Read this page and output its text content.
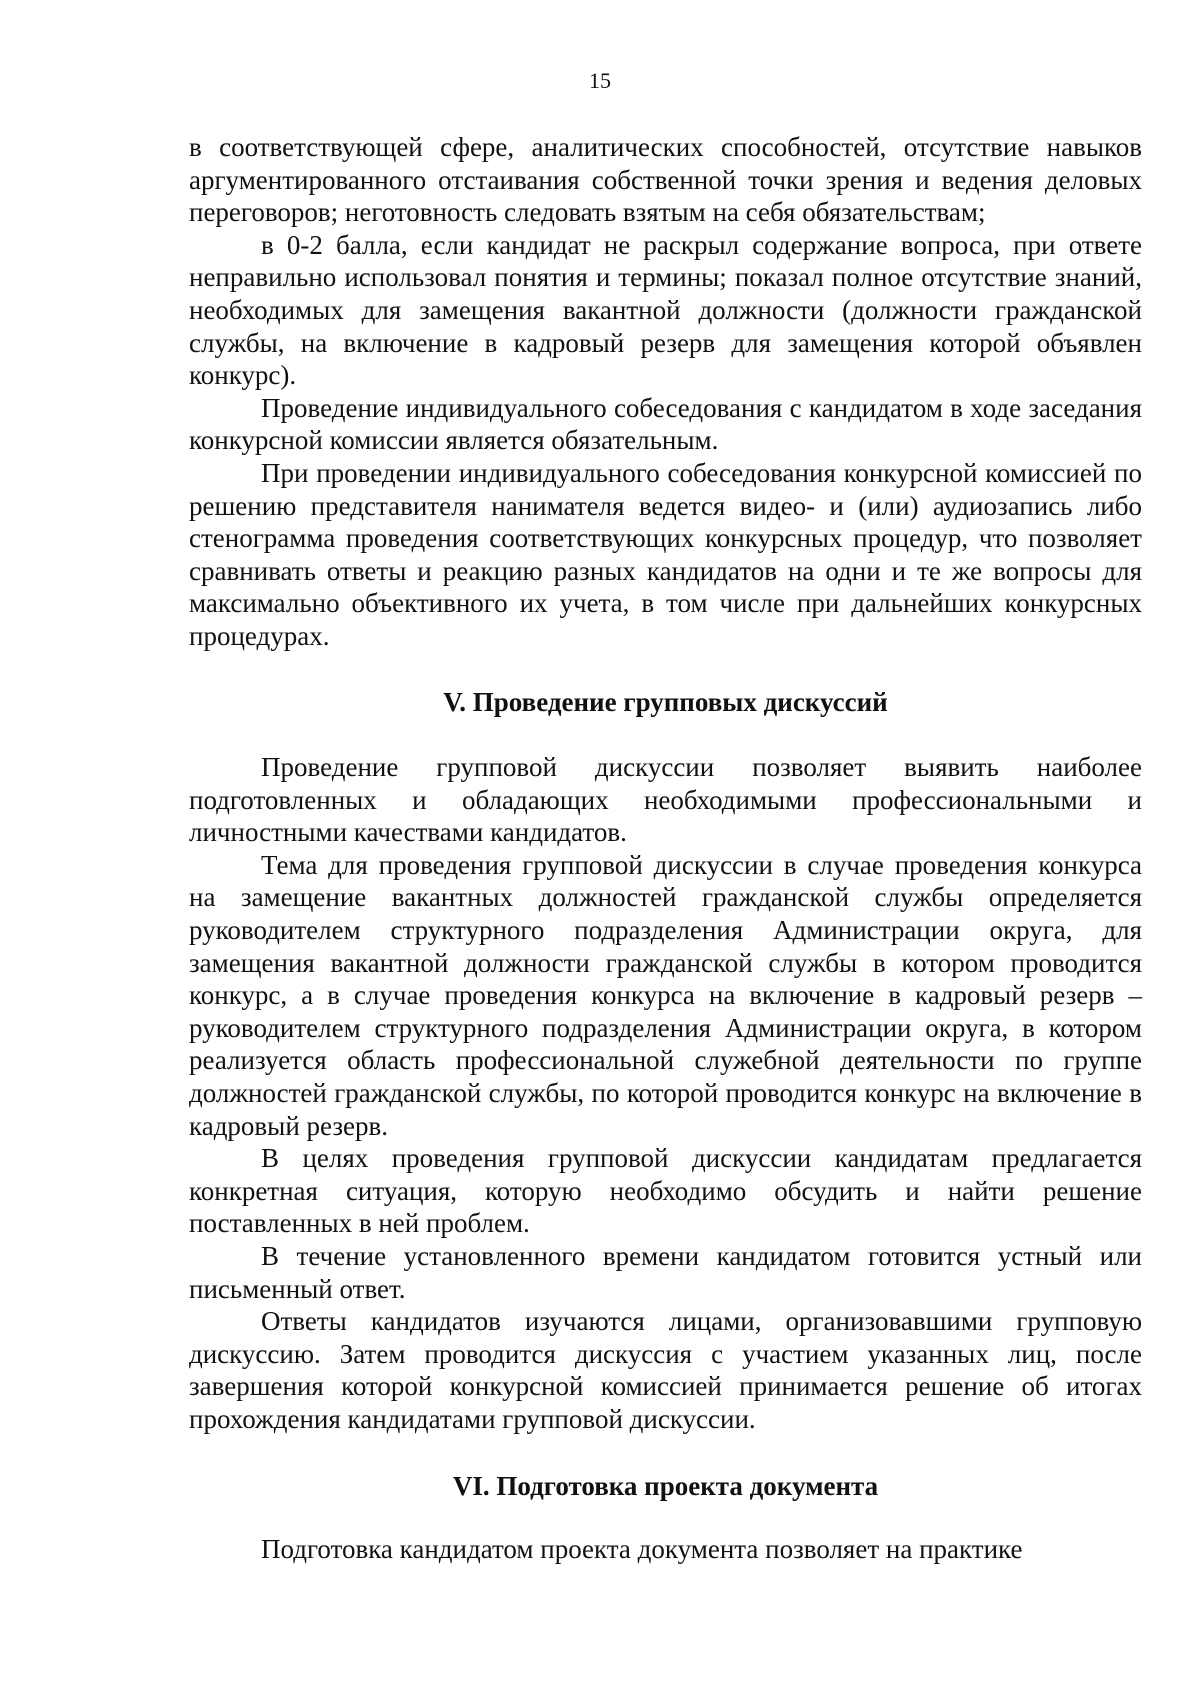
15

в соответствующей сфере, аналитических способностей, отсутствие навыков аргументированного отстаивания собственной точки зрения и ведения деловых переговоров; неготовность следовать взятым на себя обязательствам;

в 0-2 балла, если кандидат не раскрыл содержание вопроса, при ответе неправильно использовал понятия и термины; показал полное отсутствие знаний, необходимых для замещения вакантной должности (должности гражданской службы, на включение в кадровый резерв для замещения которой объявлен конкурс).

Проведение индивидуального собеседования с кандидатом в ходе заседания конкурсной комиссии является обязательным.

При проведении индивидуального собеседования конкурсной комиссией по решению представителя нанимателя ведется видео- и (или) аудиозапись либо стенограмма проведения соответствующих конкурсных процедур, что позволяет сравнивать ответы и реакцию разных кандидатов на одни и те же вопросы для максимально объективного их учета, в том числе при дальнейших конкурсных процедурах.

V. Проведение групповых дискуссий

Проведение групповой дискуссии позволяет выявить наиболее подготовленных и обладающих необходимыми профессиональными и личностными качествами кандидатов.

Тема для проведения групповой дискуссии в случае проведения конкурса на замещение вакантных должностей гражданской службы определяется руководителем структурного подразделения Администрации округа, для замещения вакантной должности гражданской службы в котором проводится конкурс, а в случае проведения конкурса на включение в кадровый резерв – руководителем структурного подразделения Администрации округа, в котором реализуется область профессиональной служебной деятельности по группе должностей гражданской службы, по которой проводится конкурс на включение в кадровый резерв.

В целях проведения групповой дискуссии кандидатам предлагается конкретная ситуация, которую необходимо обсудить и найти решение поставленных в ней проблем.

В течение установленного времени кандидатом готовится устный или письменный ответ.

Ответы кандидатов изучаются лицами, организовавшими групповую дискуссию. Затем проводится дискуссия с участием указанных лиц, после завершения которой конкурсной комиссией принимается решение об итогах прохождения кандидатами групповой дискуссии.

VI. Подготовка проекта документа

Подготовка кандидатом проекта документа позволяет на практике
